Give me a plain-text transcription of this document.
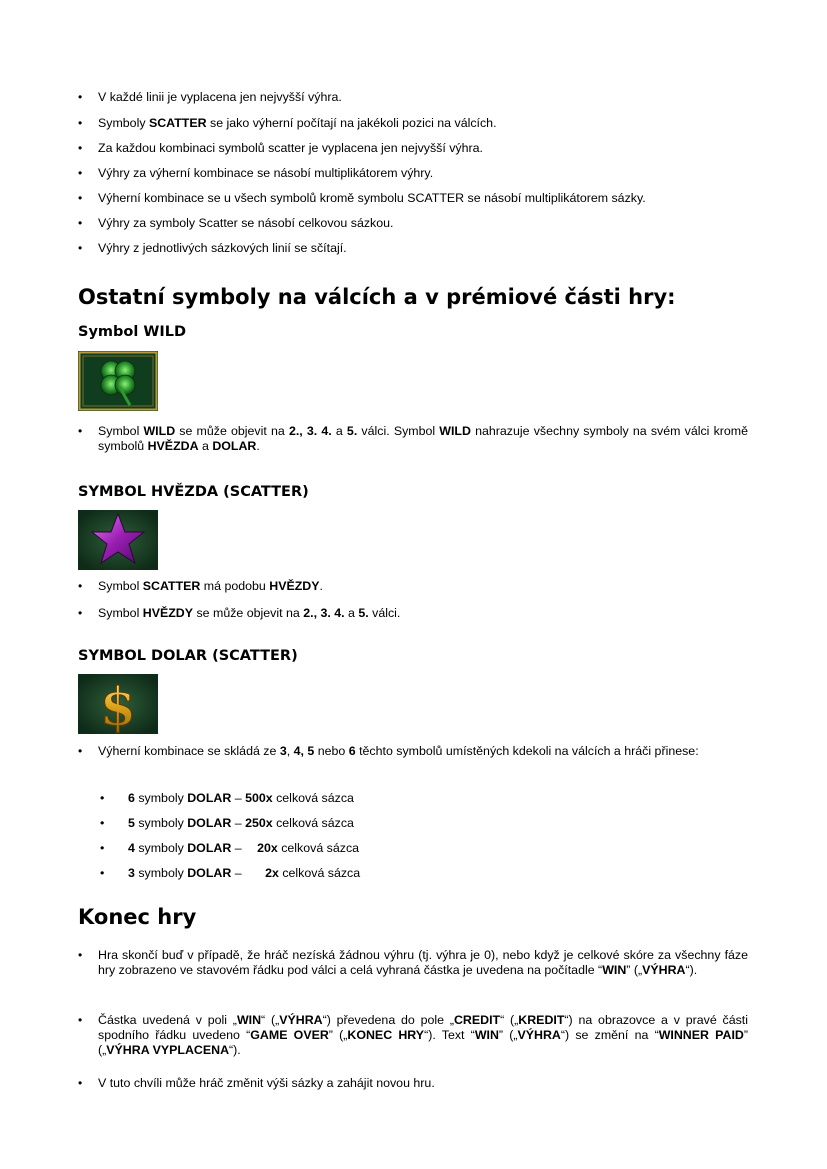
• V každé linii je vyplacena jen nejvyšší výhra.
• Symboly SCATTER se jako výherní počítají na jakékoli pozici na válcích.
• Za každou kombinaci symbolů scatter je vyplacena jen nejvyšší výhra.
• Výhry za výherní kombinace se násobí multiplikátorem výhry.
• Výherní kombinace se u všech symbolů kromě symbolu SCATTER se násobí multiplikátorem sázky.
• Výhry za symboly Scatter se násobí celkovou sázkou.
• Výhry z jednotlivých sázkových linií se sčítají.
Ostatní symboly na válcích a v prémiové části hry:
Symbol WILD
• Symbol WILD se může objevit na 2., 3. 4. a 5. válci. Symbol WILD nahrazuje všechny symboly na svém válci kromě symbolů HVĚZDA a DOLAR.
SYMBOL HVĚZDA (SCATTER)
• Symbol SCATTER má podobu HVĚZDY.
• Symbol HVĚZDY se může objevit na 2., 3. 4. a 5. válci.
SYMBOL DOLAR (SCATTER)
$
• Výherní kombinace se skládá ze 3, 4, 5 nebo 6 těchto symbolů umístěných kdekoli na válcích a hráči přinese:
• 6 symboly DOLAR – 500x celková sázca
• 5 symboly DOLAR – 250x celková sázca
• 4 symboly DOLAR – 20x celková sázca
• 3 symboly DOLAR – 2x celková sázca
Konec hry
• Hra skončí buď v případě, že hráč nezíská žádnou výhru (tj. výhra je 0), nebo když je celkové skóre za všechny fáze hry zobrazeno ve stavovém řádku pod válci a celá vyhraná částka je uvedena na počítadle “WIN” („VÝHRA“).
• Částka uvedená v poli „WIN“ („VÝHRA“) převedena do pole „CREDIT“ („KREDIT“) na obrazovce a v pravé části spodního řádku uvedeno “GAME OVER” („KONEC HRY“). Text “WIN” („VÝHRA“) se změní na “WINNER PAID” („VÝHRA VYPLACENA“).
• V tuto chvíli může hráč změnit výši sázky a zahájit novou hru.
